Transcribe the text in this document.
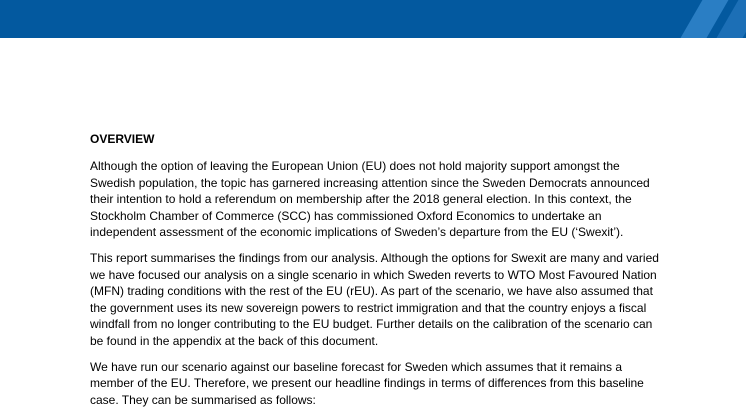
OVERVIEW

Although the option of leaving the European Union (EU) does not hold majority support amongst the Swedish population, the topic has garnered increasing attention since the Sweden Democrats announced their intention to hold a referendum on membership after the 2018 general election. In this context, the Stockholm Chamber of Commerce (SCC) has commissioned Oxford Economics to undertake an independent assessment of the economic implications of Sweden’s departure from the EU (‘Swexit’).

This report summarises the findings from our analysis. Although the options for Swexit are many and varied we have focused our analysis on a single scenario in which Sweden reverts to WTO Most Favoured Nation (MFN) trading conditions with the rest of the EU (rEU). As part of the scenario, we have also assumed that the government uses its new sovereign powers to restrict immigration and that the country enjoys a fiscal windfall from no longer contributing to the EU budget. Further details on the calibration of the scenario can be found in the appendix at the back of this document.

We have run our scenario against our baseline forecast for Sweden which assumes that it remains a member of the EU. Therefore, we present our headline findings in terms of differences from this baseline case. They can be summarised as follows:
